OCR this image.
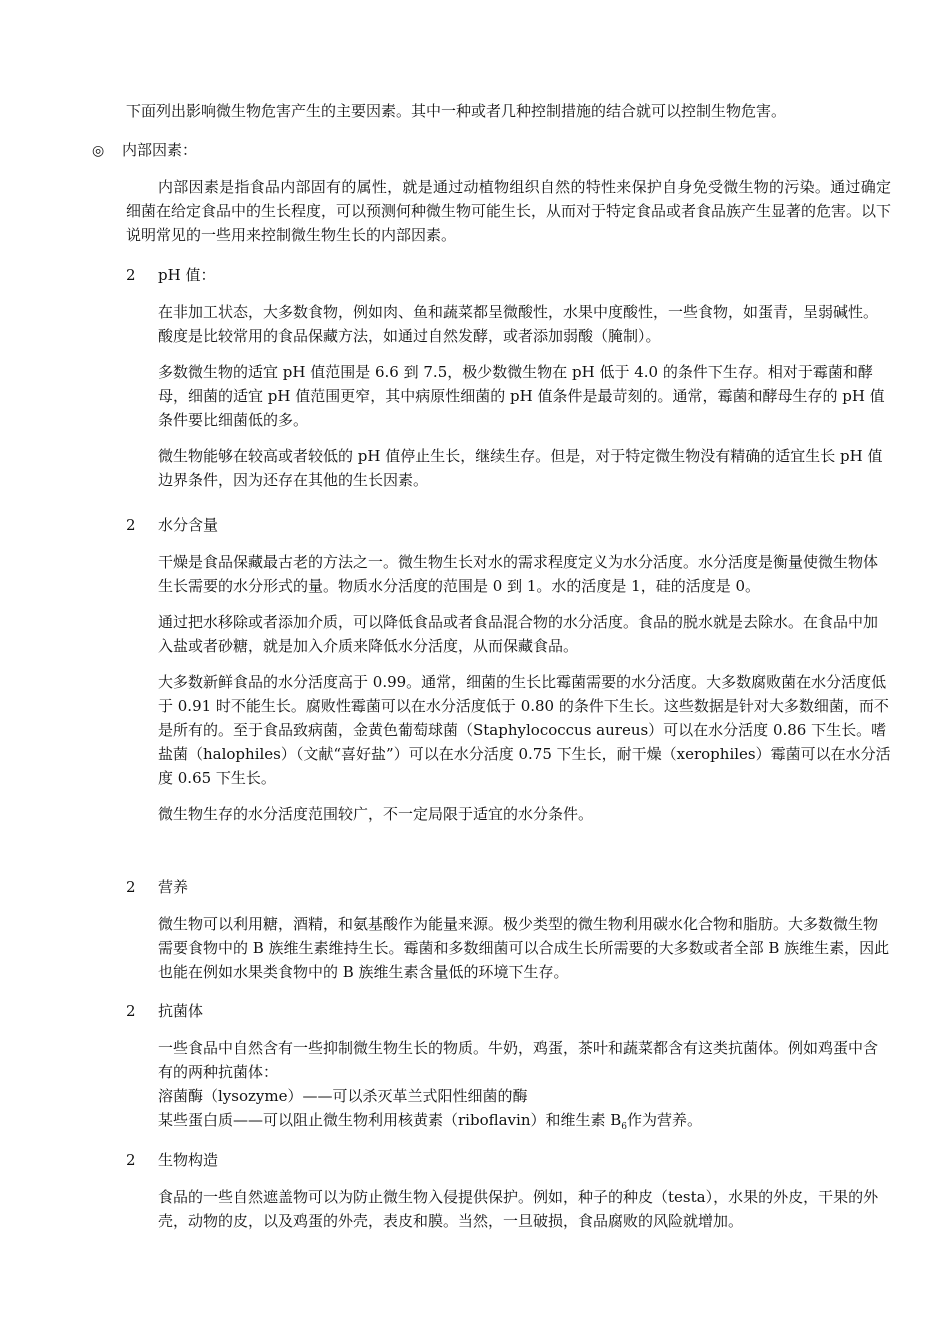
下面列出影响微生物危害产生的主要因素。其中一种或者几种控制措施的结合就可以控制生物危害。
◎ 内部因素：

内部因素是指食品内部固有的属性，就是通过动植物组织自然的特性来保护自身免受微生物的污染。通过确定细菌在给定食品中的生长程度，可以预测何种微生物可能生长，从而对于特定食品或者食品族产生显著的危害。以下说明常见的一些用来控制微生物生长的内部因素。

2 pH 值：

在非加工状态，大多数食物，例如肉、鱼和蔬菜都呈微酸性，水果中度酸性，一些食物，如蛋青，呈弱碱性。酸度是比较常用的食品保藏方法，如通过自然发酵，或者添加弱酸（腌制）。

多数微生物的适宜 pH 值范围是 6.6 到 7.5，极少数微生物在 pH 低于 4.0 的条件下生存。相对于霉菌和酵母，细菌的适宜 pH 值范围更窄，其中病原性细菌的 pH 值条件是最苛刻的。通常，霉菌和酵母生存的 pH 值条件要比细菌低的多。

微生物能够在较高或者较低的 pH 值停止生长，继续生存。但是，对于特定微生物没有精确的适宜生长 pH 值边界条件，因为还存在其他的生长因素。

2 水分含量

干燥是食品保藏最古老的方法之一。微生物生长对水的需求程度定义为水分活度。水分活度是衡量使微生物体生长需要的水分形式的量。物质水分活度的范围是 0 到 1。水的活度是 1，硅的活度是 0。

通过把水移除或者添加介质，可以降低食品或者食品混合物的水分活度。食品的脱水就是去除水。在食品中加入盐或者砂糖，就是加入介质来降低水分活度，从而保藏食品。

大多数新鲜食品的水分活度高于 0.99。通常，细菌的生长比霉菌需要的水分活度。大多数腐败菌在水分活度低于 0.91 时不能生长。腐败性霉菌可以在水分活度低于 0.80 的条件下生长。这些数据是针对大多数细菌，而不是所有的。至于食品致病菌，金黄色葡萄球菌（Staphylococcus aureus）可以在水分活度 0.86 下生长。嗜盐菌（halophiles）（文献“喜好盐”）可以在水分活度 0.75 下生长，耐干燥（xerophiles）霉菌可以在水分活度 0.65 下生长。

微生物生存的水分活度范围较广，不一定局限于适宜的水分条件。

2 营养

微生物可以利用糖，酒精，和氨基酸作为能量来源。极少类型的微生物利用碳水化合物和脂肪。大多数微生物需要食物中的 B 族维生素维持生长。霉菌和多数细菌可以合成生长所需要的大多数或者全部 B 族维生素，因此也能在例如水果类食物中的 B 族维生素含量低的环境下生存。

2 抗菌体

一些食品中自然含有一些抑制微生物生长的物质。牛奶，鸡蛋，茶叶和蔬菜都含有这类抗菌体。例如鸡蛋中含有的两种抗菌体：

溶菌酶（lysozyme）——可以杀灭革兰式阳性细菌的酶

某些蛋白质——可以阻止微生物利用核黄素（riboflavin）和维生素 $B_6$作为营养。

2 生物构造

食品的一些自然遮盖物可以为防止微生物入侵提供保护。例如，种子的种皮（testa），水果的外皮，干果的外壳，动物的皮，以及鸡蛋的外壳，表皮和膜。当然，一旦破损，食品腐败的风险就增加。
